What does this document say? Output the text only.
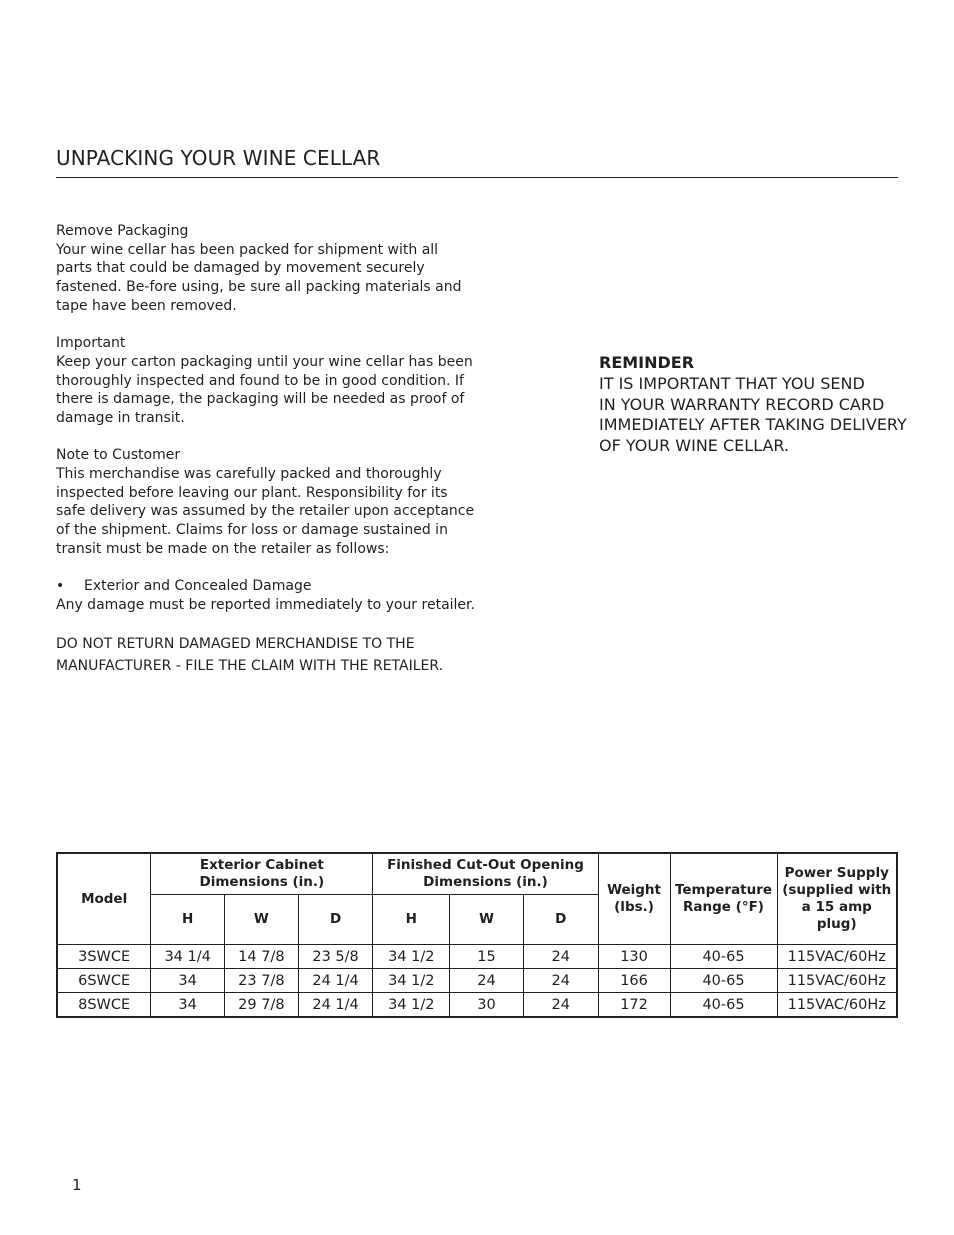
UNPACKING YOUR WINE CELLAR
Remove Packaging

Your wine cellar has been packed for shipment with all parts that could be damaged by movement securely fastened. Be-fore using, be sure all packing materials and tape have been removed.

Important

Keep your carton packaging until your wine cellar has been thoroughly inspected and found to be in good condition. If there is damage, the packaging will be needed as proof of damage in transit.

Note to Customer

This merchandise was carefully packed and thoroughly inspected before leaving our plant. Responsibility for its safe delivery was assumed by the retailer upon acceptance of the shipment. Claims for loss or damage sustained in transit must be made on the retailer as follows:

• Exterior and Concealed Damage

Any damage must be reported immediately to your retailer.

DO NOT RETURN DAMAGED MERCHANDISE TO THE MANUFACTURER - FILE THE CLAIM WITH THE RETAILER.

REMINDER
IT IS IMPORTANT THAT YOU SEND
IN YOUR WARRANTY RECORD CARD
IMMEDIATELY AFTER TAKING DELIVERY
OF YOUR WINE CELLAR.
Model	Exterior Cabinet Dimensions (in.)			Finished Cut-Out Opening Dimensions (in.)			Weight (lbs.)	Temperature Range (°F)	Power Supply (supplied with a 15 amp plug)
	H	W	D	H	W	D			
3SWCE	34 1/4	14 7/8	23 5/8	34 1/2	15	24	130	40-65	115VAC/60Hz
6SWCE	34	23 7/8	24 1/4	34 1/2	24	24	166	40-65	115VAC/60Hz
8SWCE	34	29 7/8	24 1/4	34 1/2	30	24	172	40-65	115VAC/60Hz
1
